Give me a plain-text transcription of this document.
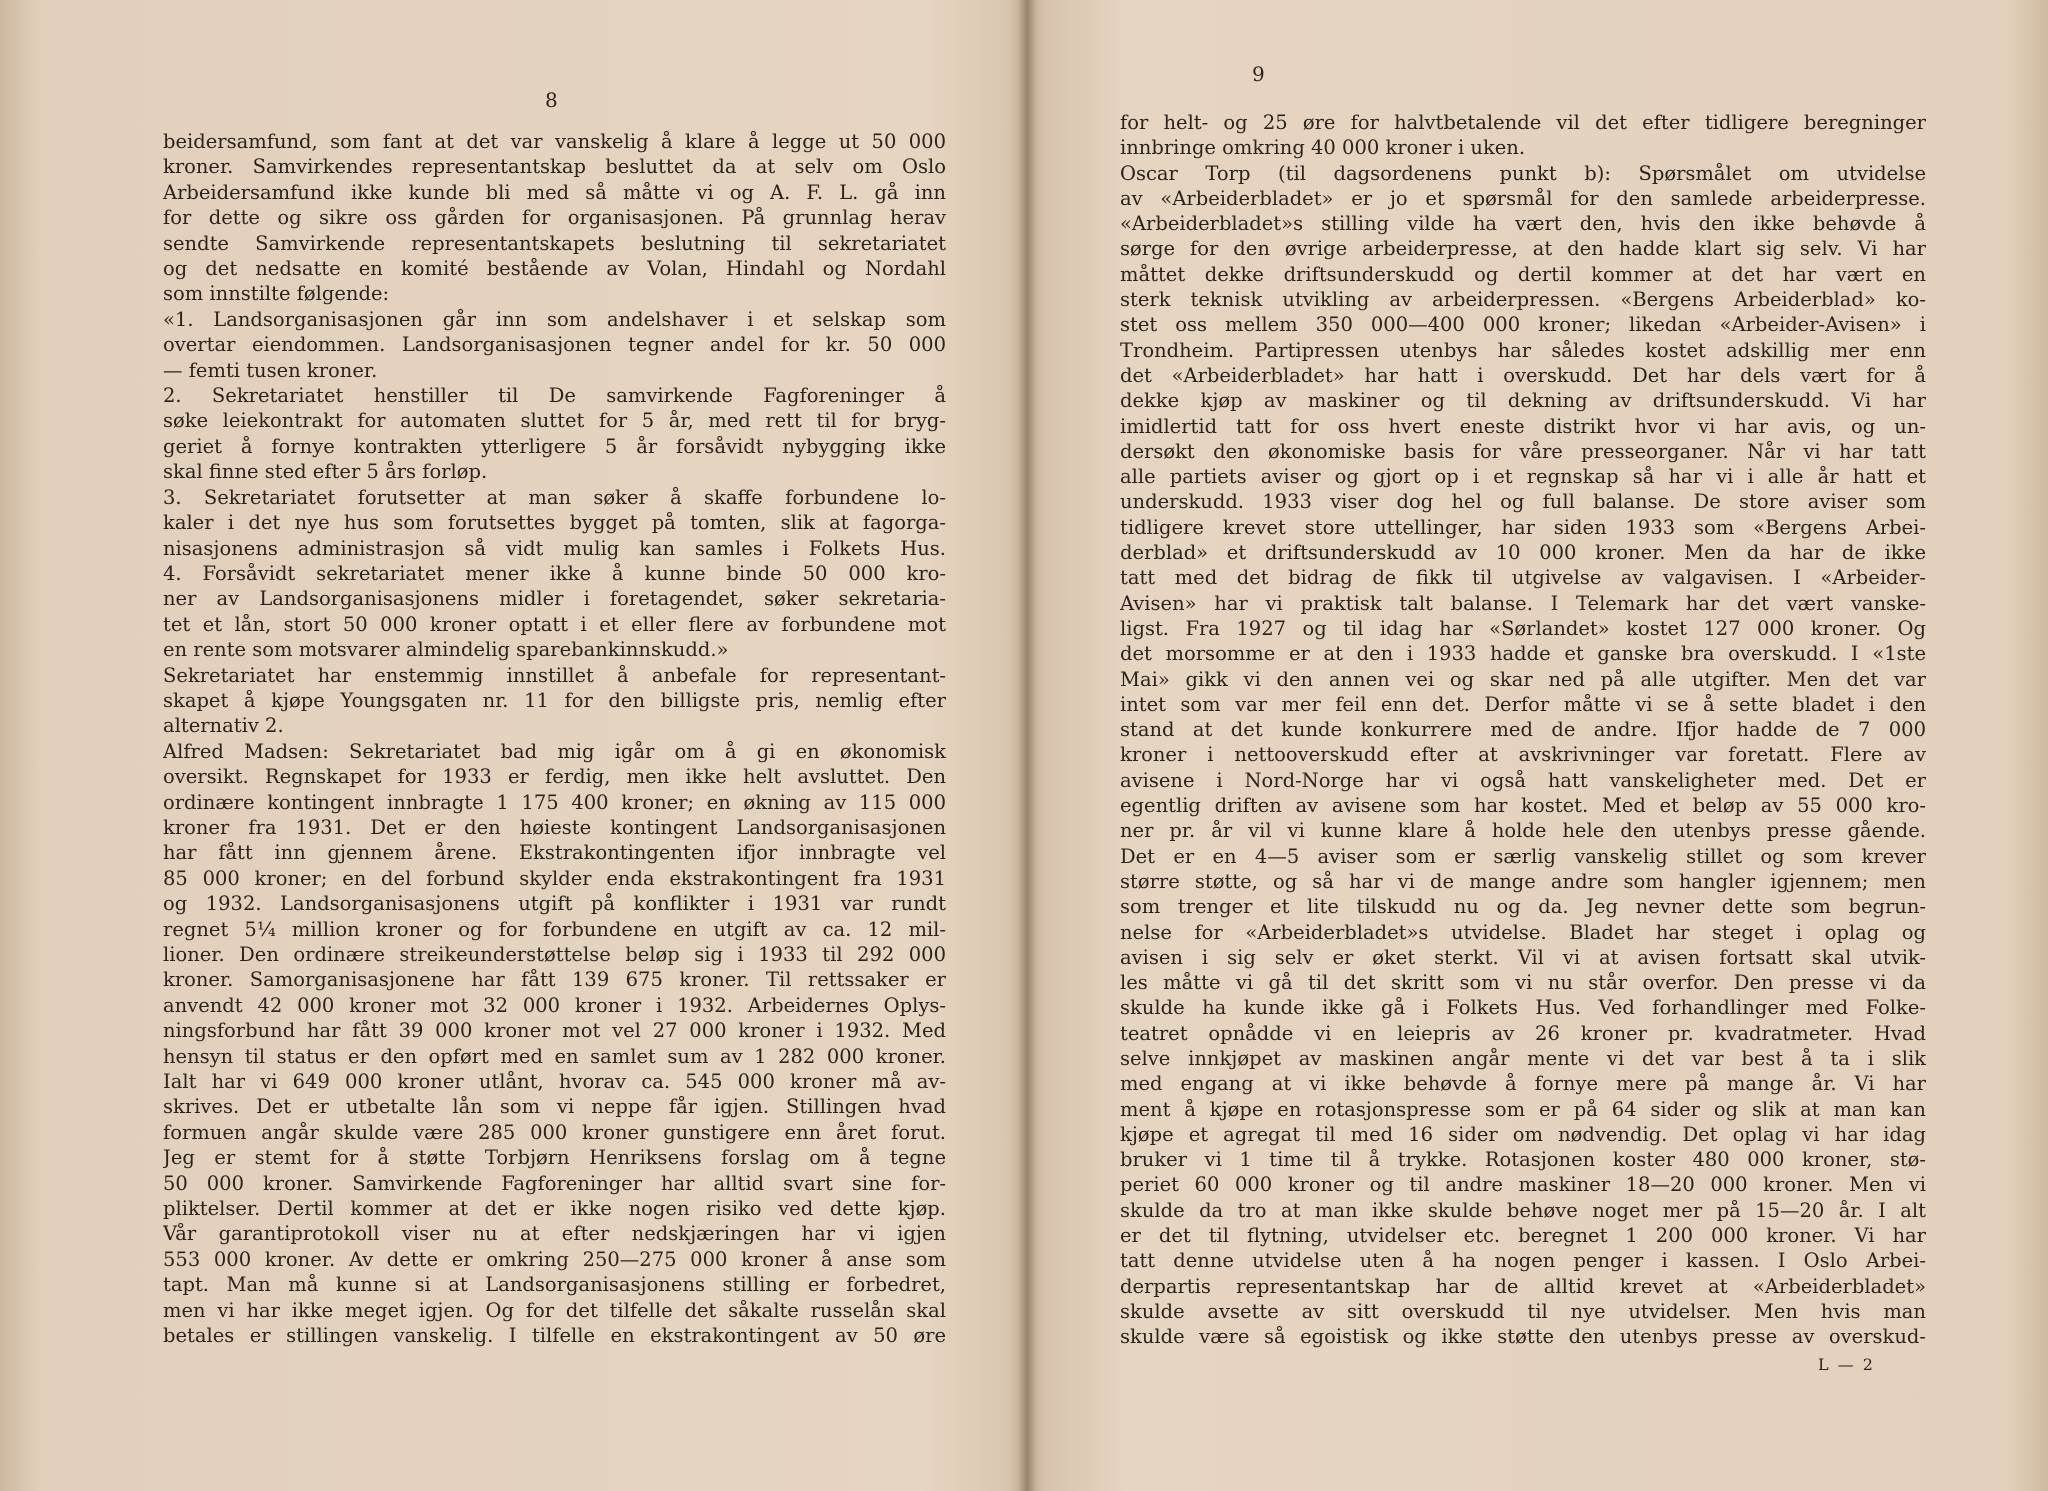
8
beidersamfund, som fant at det var vanskelig å klare å legge ut 50 000
kroner. Samvirkendes representantskap besluttet da at selv om Oslo
Arbeidersamfund ikke kunde bli med så måtte vi og A. F. L. gå inn
for dette og sikre oss gården for organisasjonen. På grunnlag herav
sendte Samvirkende representantskapets beslutning til sekretariatet
og det nedsatte en komité bestående av Volan, Hindahl og Nordahl
som innstilte følgende:
«1. Landsorganisasjonen går inn som andelshaver i et selskap som
overtar eiendommen. Landsorganisasjonen tegner andel for kr. 50 000
— femti tusen kroner.
2. Sekretariatet henstiller til De samvirkende Fagforeninger å
søke leiekontrakt for automaten sluttet for 5 år, med rett til for bryg-
geriet å fornye kontrakten ytterligere 5 år forsåvidt nybygging ikke
skal finne sted efter 5 års forløp.
3. Sekretariatet forutsetter at man søker å skaffe forbundene lo-
kaler i det nye hus som forutsettes bygget på tomten, slik at fagorga-
nisasjonens administrasjon så vidt mulig kan samles i Folkets Hus.
4. Forsåvidt sekretariatet mener ikke å kunne binde 50 000 kro-
ner av Landsorganisasjonens midler i foretagendet, søker sekretaria-
tet et lån, stort 50 000 kroner optatt i et eller flere av forbundene mot
en rente som motsvarer almindelig sparebankinnskudd.»
Sekretariatet har enstemmig innstillet å anbefale for representant-
skapet å kjøpe Youngsgaten nr. 11 for den billigste pris, nemlig efter
alternativ 2.
Alfred Madsen: Sekretariatet bad mig igår om å gi en økonomisk
oversikt. Regnskapet for 1933 er ferdig, men ikke helt avsluttet. Den
ordinære kontingent innbragte 1 175 400 kroner; en økning av 115 000
kroner fra 1931. Det er den høieste kontingent Landsorganisasjonen
har fått inn gjennem årene. Ekstrakontingenten ifjor innbragte vel
85 000 kroner; en del forbund skylder enda ekstrakontingent fra 1931
og 1932. Landsorganisasjonens utgift på konflikter i 1931 var rundt
regnet 5¼ million kroner og for forbundene en utgift av ca. 12 mil-
lioner. Den ordinære streikeunderstøttelse beløp sig i 1933 til 292 000
kroner. Samorganisasjonene har fått 139 675 kroner. Til rettssaker er
anvendt 42 000 kroner mot 32 000 kroner i 1932. Arbeidernes Oplys-
ningsforbund har fått 39 000 kroner mot vel 27 000 kroner i 1932. Med
hensyn til status er den opført med en samlet sum av 1 282 000 kroner.
Ialt har vi 649 000 kroner utlånt, hvorav ca. 545 000 kroner må av-
skrives. Det er utbetalte lån som vi neppe får igjen. Stillingen hvad
formuen angår skulde være 285 000 kroner gunstigere enn året forut.
Jeg er stemt for å støtte Torbjørn Henriksens forslag om å tegne
50 000 kroner. Samvirkende Fagforeninger har alltid svart sine for-
pliktelser. Dertil kommer at det er ikke nogen risiko ved dette kjøp.
Vår garantiprotokoll viser nu at efter nedskjæringen har vi igjen
553 000 kroner. Av dette er omkring 250—275 000 kroner å anse som
tapt. Man må kunne si at Landsorganisasjonens stilling er forbedret,
men vi har ikke meget igjen. Og for det tilfelle det såkalte russelån skal
betales er stillingen vanskelig. I tilfelle en ekstrakontingent av 50 øre
9
for helt- og 25 øre for halvtbetalende vil det efter tidligere beregninger
innbringe omkring 40 000 kroner i uken.
Oscar Torp (til dagsordenens punkt b): Spørsmålet om utvidelse
av «Arbeiderbladet» er jo et spørsmål for den samlede arbeiderpresse.
«Arbeiderbladet»s stilling vilde ha vært den, hvis den ikke behøvde å
sørge for den øvrige arbeiderpresse, at den hadde klart sig selv. Vi har
måttet dekke driftsunderskudd og dertil kommer at det har vært en
sterk teknisk utvikling av arbeiderpressen. «Bergens Arbeiderblad» ko-
stet oss mellem 350 000—400 000 kroner; likedan «Arbeider-Avisen» i
Trondheim. Partipressen utenbys har således kostet adskillig mer enn
det «Arbeiderbladet» har hatt i overskudd. Det har dels vært for å
dekke kjøp av maskiner og til dekning av driftsunderskudd. Vi har
imidlertid tatt for oss hvert eneste distrikt hvor vi har avis, og un-
dersøkt den økonomiske basis for våre presseorganer. Når vi har tatt
alle partiets aviser og gjort op i et regnskap så har vi i alle år hatt et
underskudd. 1933 viser dog hel og full balanse. De store aviser som
tidligere krevet store uttellinger, har siden 1933 som «Bergens Arbei-
derblad» et driftsunderskudd av 10 000 kroner. Men da har de ikke
tatt med det bidrag de fikk til utgivelse av valgavisen. I «Arbeider-
Avisen» har vi praktisk talt balanse. I Telemark har det vært vanske-
ligst. Fra 1927 og til idag har «Sørlandet» kostet 127 000 kroner. Og
det morsomme er at den i 1933 hadde et ganske bra overskudd. I «1ste
Mai» gikk vi den annen vei og skar ned på alle utgifter. Men det var
intet som var mer feil enn det. Derfor måtte vi se å sette bladet i den
stand at det kunde konkurrere med de andre. Ifjor hadde de 7 000
kroner i nettooverskudd efter at avskrivninger var foretatt. Flere av
avisene i Nord-Norge har vi også hatt vanskeligheter med. Det er
egentlig driften av avisene som har kostet. Med et beløp av 55 000 kro-
ner pr. år vil vi kunne klare å holde hele den utenbys presse gående.
Det er en 4—5 aviser som er særlig vanskelig stillet og som krever
større støtte, og så har vi de mange andre som hangler igjennem; men
som trenger et lite tilskudd nu og da. Jeg nevner dette som begrun-
nelse for «Arbeiderbladet»s utvidelse. Bladet har steget i oplag og
avisen i sig selv er øket sterkt. Vil vi at avisen fortsatt skal utvik-
les måtte vi gå til det skritt som vi nu står overfor. Den presse vi da
skulde ha kunde ikke gå i Folkets Hus. Ved forhandlinger med Folke-
teatret opnådde vi en leiepris av 26 kroner pr. kvadratmeter. Hvad
selve innkjøpet av maskinen angår mente vi det var best å ta i slik
med engang at vi ikke behøvde å fornye mere på mange år. Vi har
ment å kjøpe en rotasjonspresse som er på 64 sider og slik at man kan
kjøpe et agregat til med 16 sider om nødvendig. Det oplag vi har idag
bruker vi 1 time til å trykke. Rotasjonen koster 480 000 kroner, stø-
periet 60 000 kroner og til andre maskiner 18—20 000 kroner. Men vi
skulde da tro at man ikke skulde behøve noget mer på 15—20 år. I alt
er det til flytning, utvidelser etc. beregnet 1 200 000 kroner. Vi har
tatt denne utvidelse uten å ha nogen penger i kassen. I Oslo Arbei-
derpartis representantskap har de alltid krevet at «Arbeiderbladet»
skulde avsette av sitt overskudd til nye utvidelser. Men hvis man
skulde være så egoistisk og ikke støtte den utenbys presse av overskud-
L — 2
